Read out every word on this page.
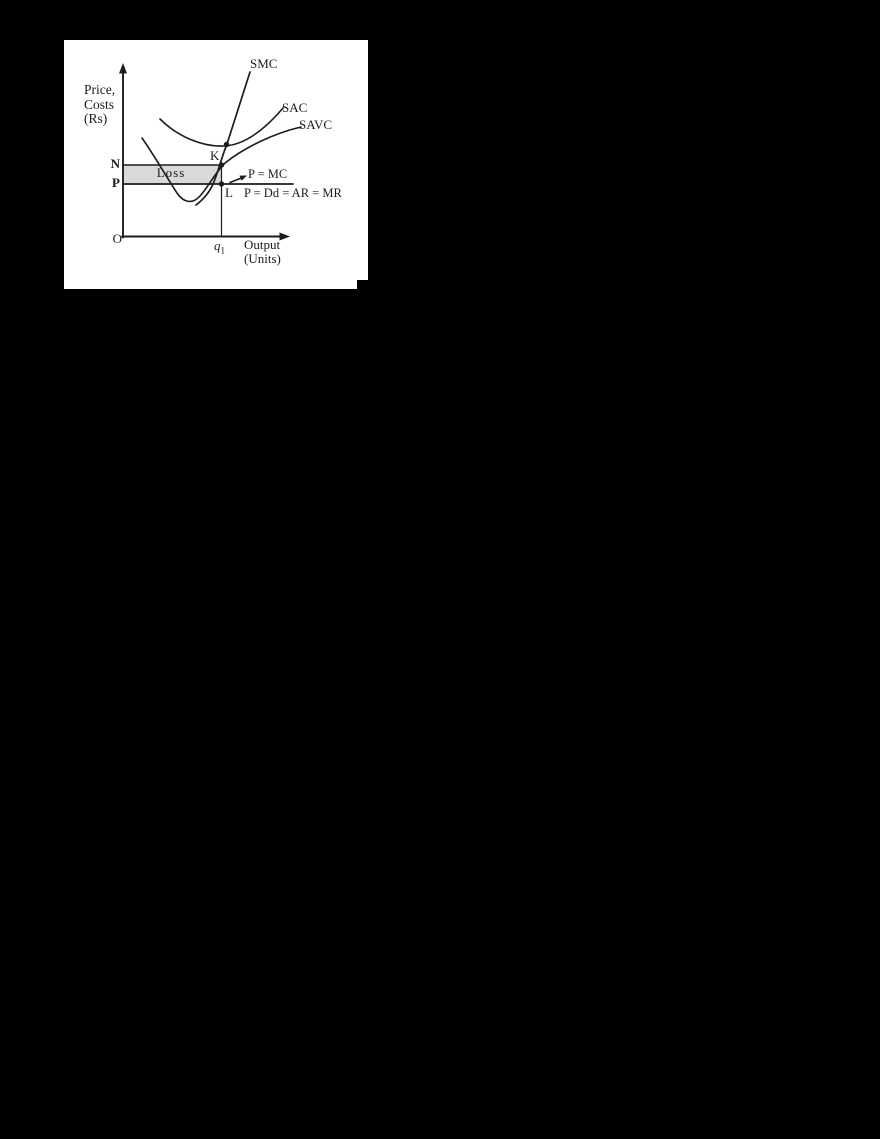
Price,
Costs
(Rs)
SMC
SAC
SAVC
N
P
O
K
L
Loss	P = MC
P = Dd = AR = MR
$q_1$ Output
(Units)
